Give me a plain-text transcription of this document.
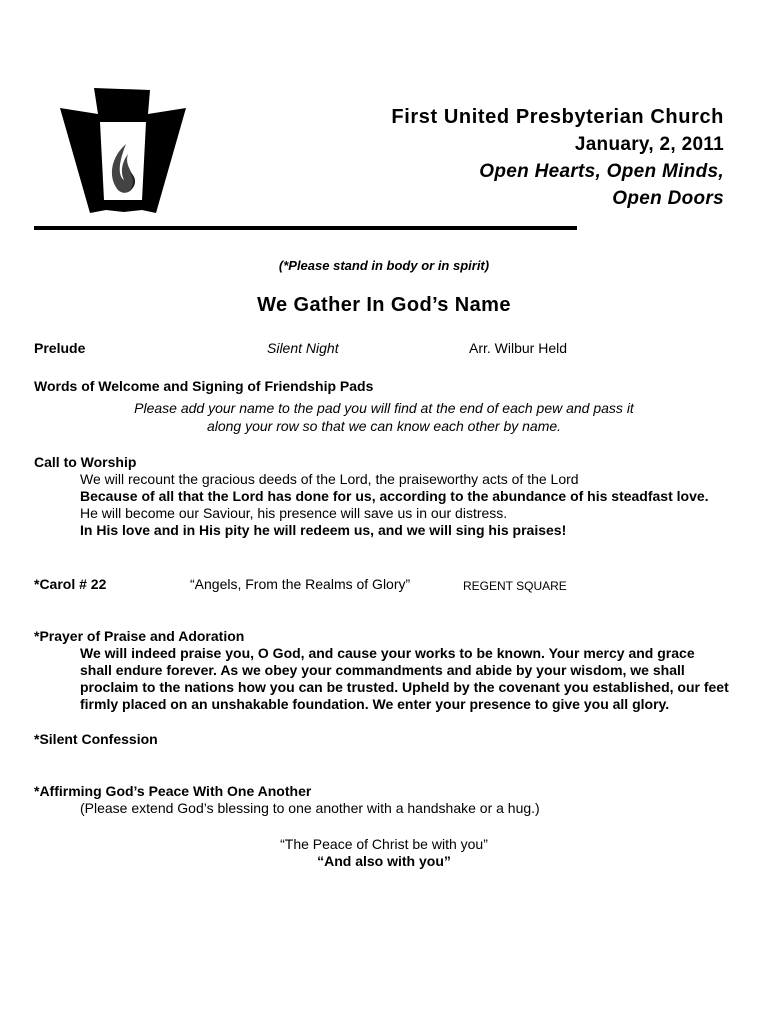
First United Presbyterian Church
January, 2, 2011
Open Hearts, Open Minds,
Open Doors
(*Please stand in body or in spirit)
We Gather In God’s Name
Prelude	Silent Night	Arr. Wilbur Held
Words of Welcome and Signing of Friendship Pads
Please add your name to the pad you will find at the end of each pew and pass it
along your row so that we can know each other by name.
Call to Worship

We will recount the gracious deeds of the Lord, the praiseworthy acts of the Lord

Because of all that the Lord has done for us, according to the abundance of his steadfast love.

He will become our Saviour, his presence will save us in our distress.

In His love and in His pity he will redeem us, and we will sing his praises!

*Carol # 22	“Angels, From the Realms of Glory”	REGENT SQUARE
*Prayer of Praise and Adoration
We will indeed praise you, O God, and cause your works to be known. Your mercy and grace shall endure forever. As we obey your commandments and abide by your wisdom, we shall proclaim to the nations how you can be trusted. Upheld by the covenant you established, our feet firmly placed on an unshakable foundation. We enter your presence to give you all glory.
*Silent Confession
*Affirming God’s Peace With One Another
(Please extend God’s blessing to one another with a handshake or a hug.)
“The Peace of Christ be with you”
“And also with you”
